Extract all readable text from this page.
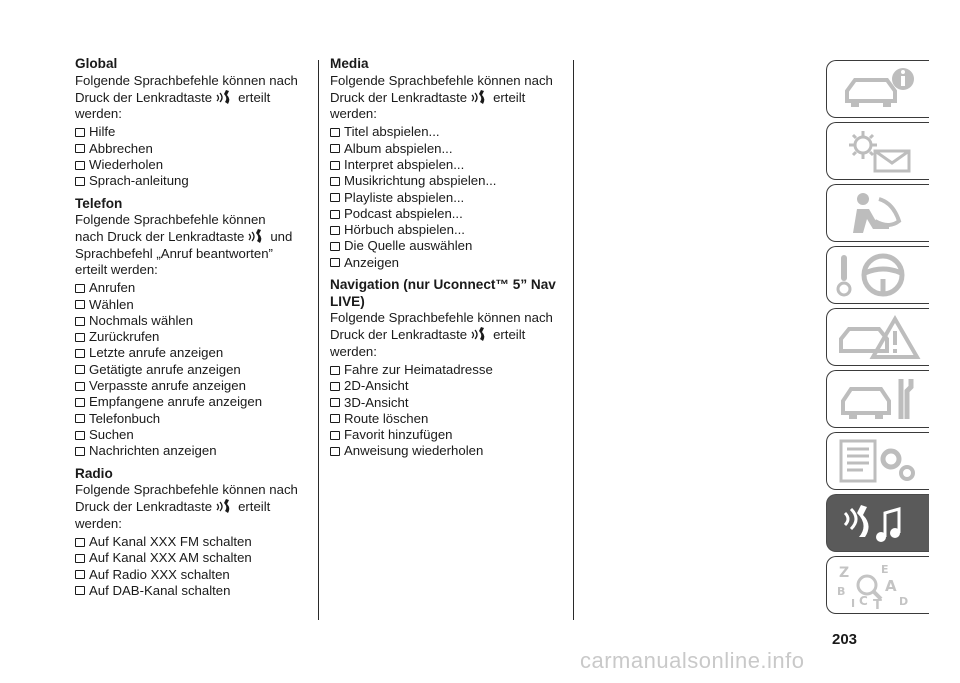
Global

Folgende Sprachbefehle können nach

Druck der Lenkradtaste erteilt

werden:

Hilfe
Abbrechen
Wiederholen
Sprach-anleitung
Telefon

Folgende Sprachbefehle können

nach Druck der Lenkradtaste und

Sprachbefehl „Anruf beantworten”

erteilt werden:

Anrufen
Wählen
Nochmals wählen
Zurückrufen
Letzte anrufe anzeigen
Getätigte anrufe anzeigen
Verpasste anrufe anzeigen
Empfangene anrufe anzeigen
Telefonbuch
Suchen
Nachrichten anzeigen
Radio

Folgende Sprachbefehle können nach

Druck der Lenkradtaste erteilt

werden:

Auf Kanal XXX FM schalten
Auf Kanal XXX AM schalten
Auf Radio XXX schalten
Auf DAB-Kanal schalten
Media

Folgende Sprachbefehle können nach

Druck der Lenkradtaste erteilt

werden:

Titel abspielen...
Album abspielen...
Interpret abspielen...
Musikrichtung abspielen...
Playliste abspielen...
Podcast abspielen...
Hörbuch abspielen...
Die Quelle auswählen
Anzeigen
Navigation (nur Uconnect™ 5” Nav
LIVE)

Folgende Sprachbefehle können nach

Druck der Lenkradtaste erteilt

werden:

Fahre zur Heimatadresse
2D-Ansicht
3D-Ansicht
Route löschen
Favorit hinzufügen
Anweisung wiederholen
Z	E
A
B
C T D
I
203
carmanualsonline.info
